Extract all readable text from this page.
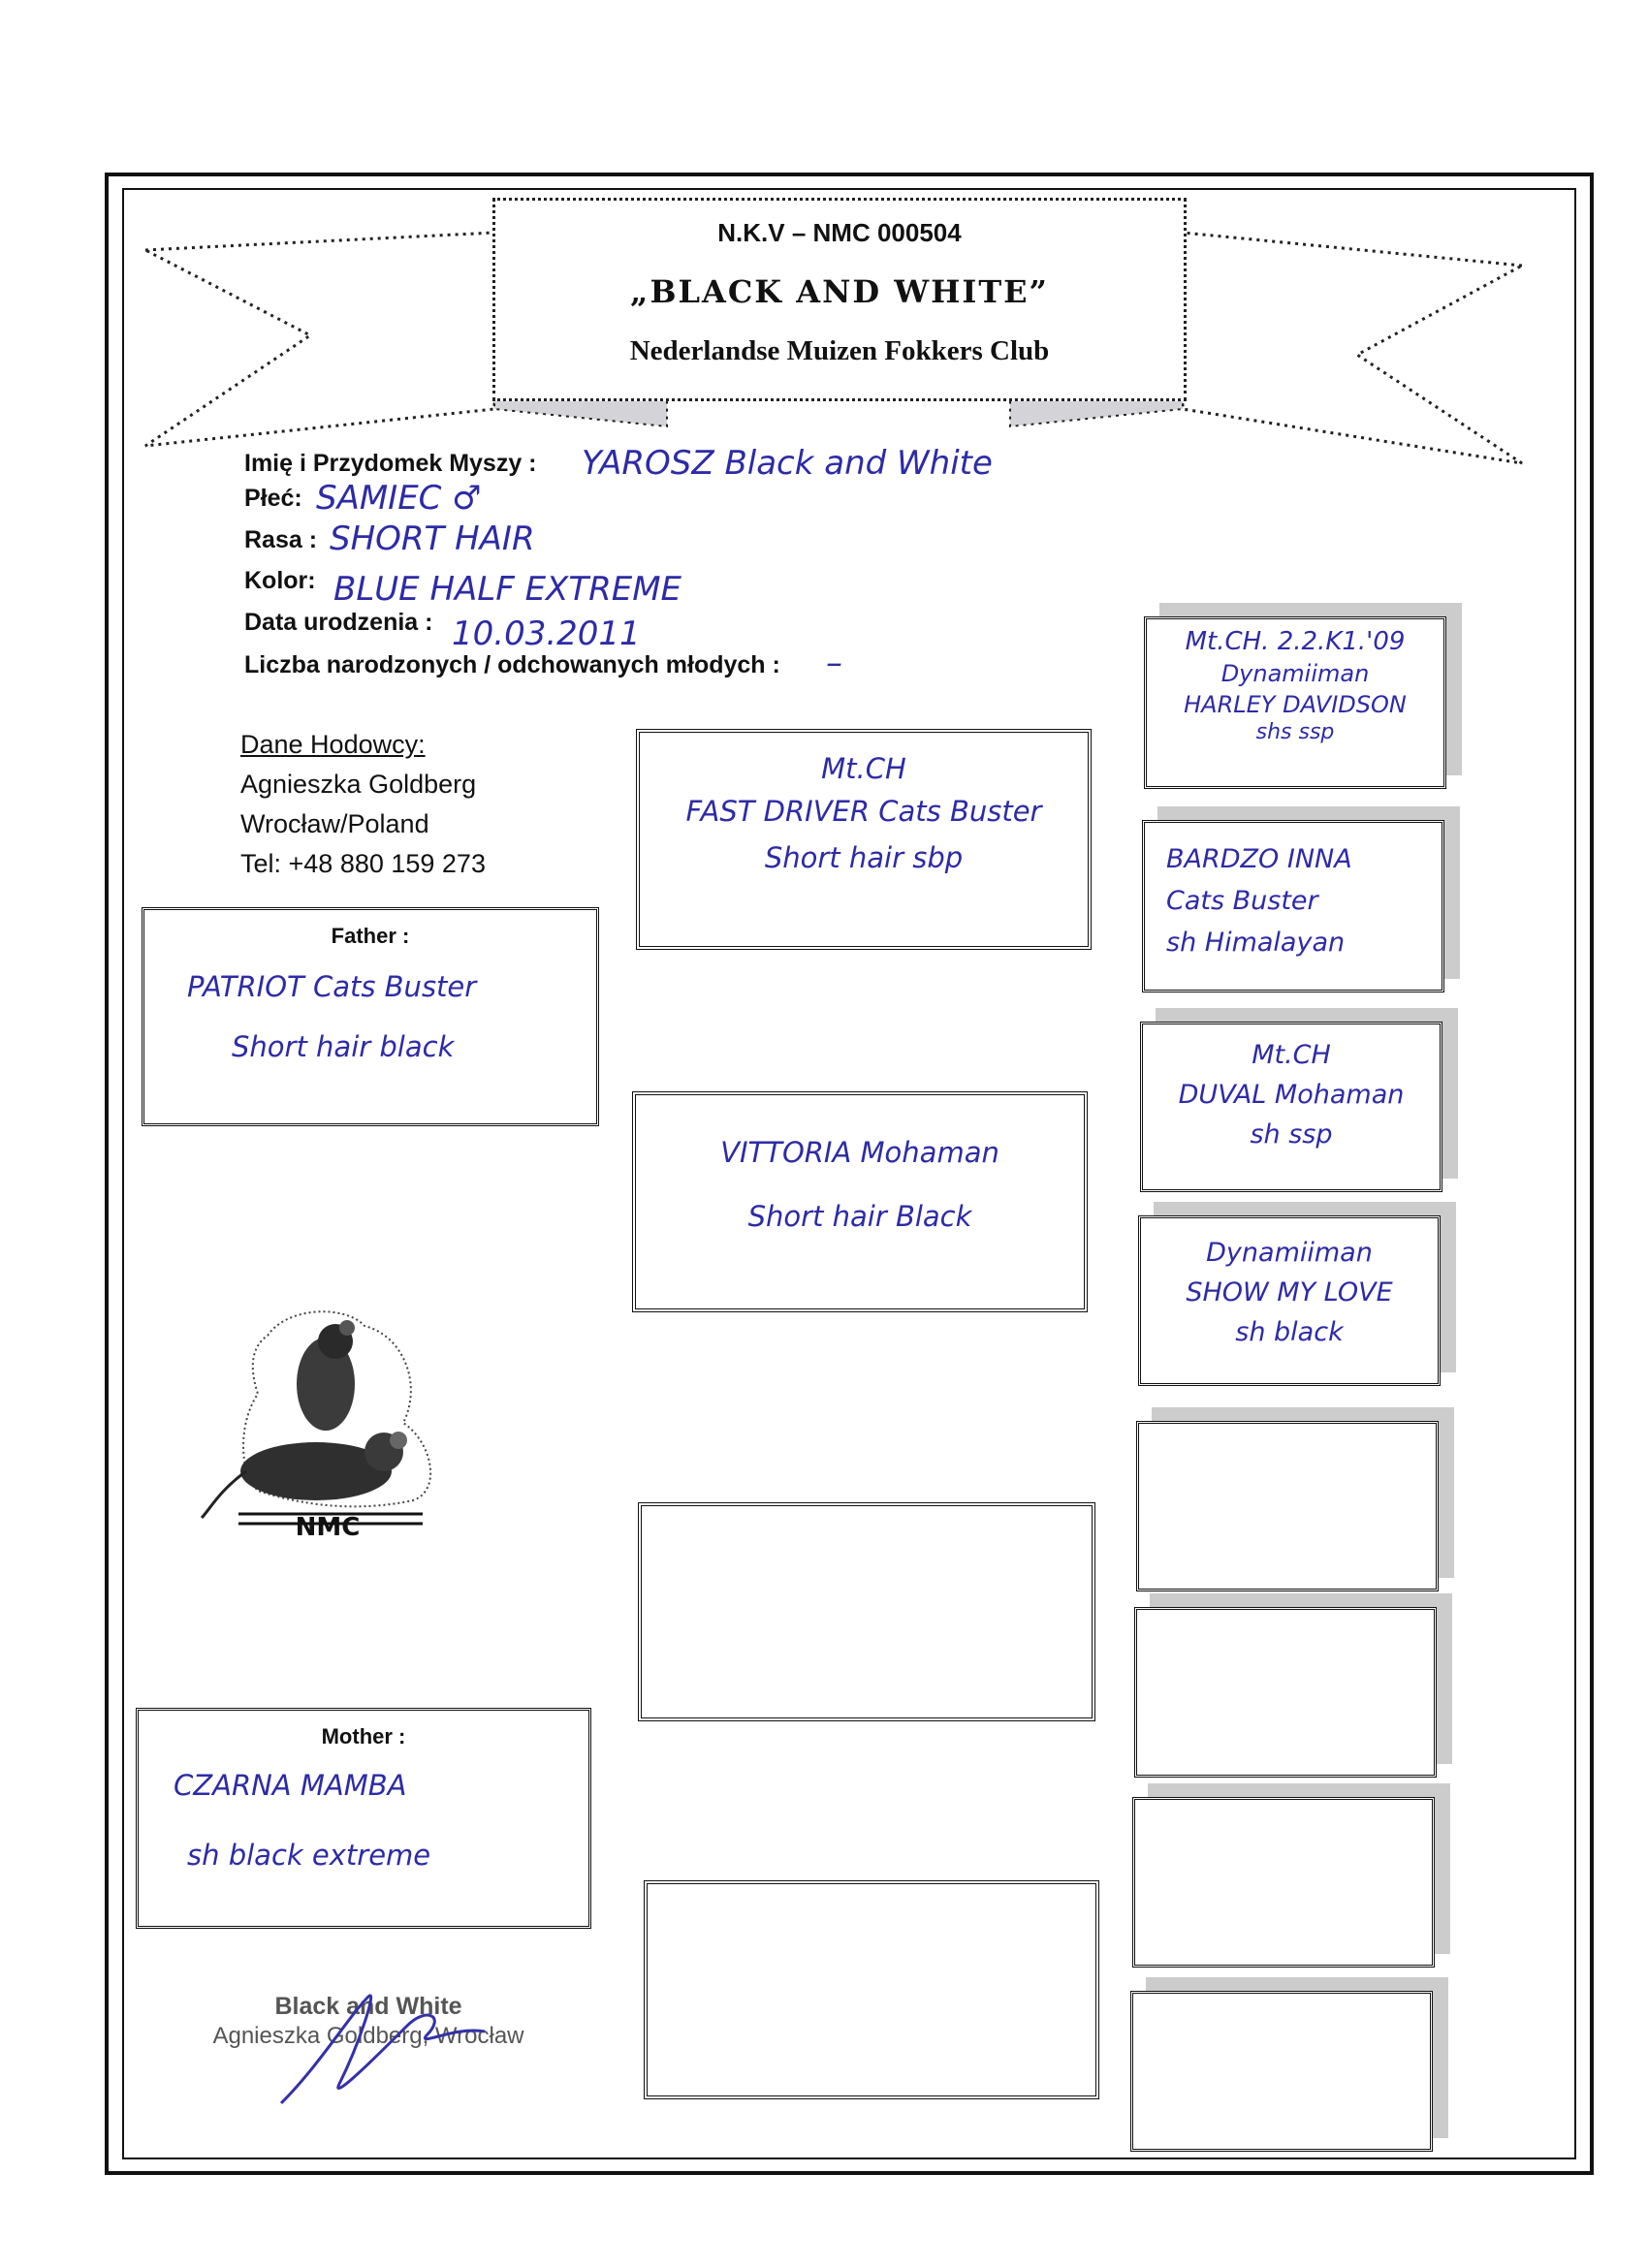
N.K.V – NMC 000504
„BLACK AND WHITE”
Nederlandse Muizen Fokkers Club
Imię i Przydomek Myszy : YAROSZ Black and White
Płeć: SAMIEC ♂
Rasa : SHORT HAIR
Kolor: BLUE HALF EXTREME
Data urodzenia : 10.03.2011
Liczba narodzonych / odchowanych młodych : –
Dane Hodowcy:
Agnieszka Goldberg
Wrocław/Poland
Tel: +48 880 159 273
Father :
PATRIOT Cats Buster
Short hair black
Mother :
CZARNA MAMBA
sh black extreme
Mt.CH
FAST DRIVER Cats Buster
Short hair sbp
VITTORIA Mohaman
Short hair Black
Mt.CH. 2.2.K1.'09
Dynamiiman
HARLEY DAVIDSON
shs ssp
BARDZO INNA
Cats Buster
sh Himalayan
Mt.CH
DUVAL Mohaman
sh ssp
Dynamiiman
SHOW MY LOVE
sh black
NMC
Black and White
Agnieszka Goldberg, Wrocław
